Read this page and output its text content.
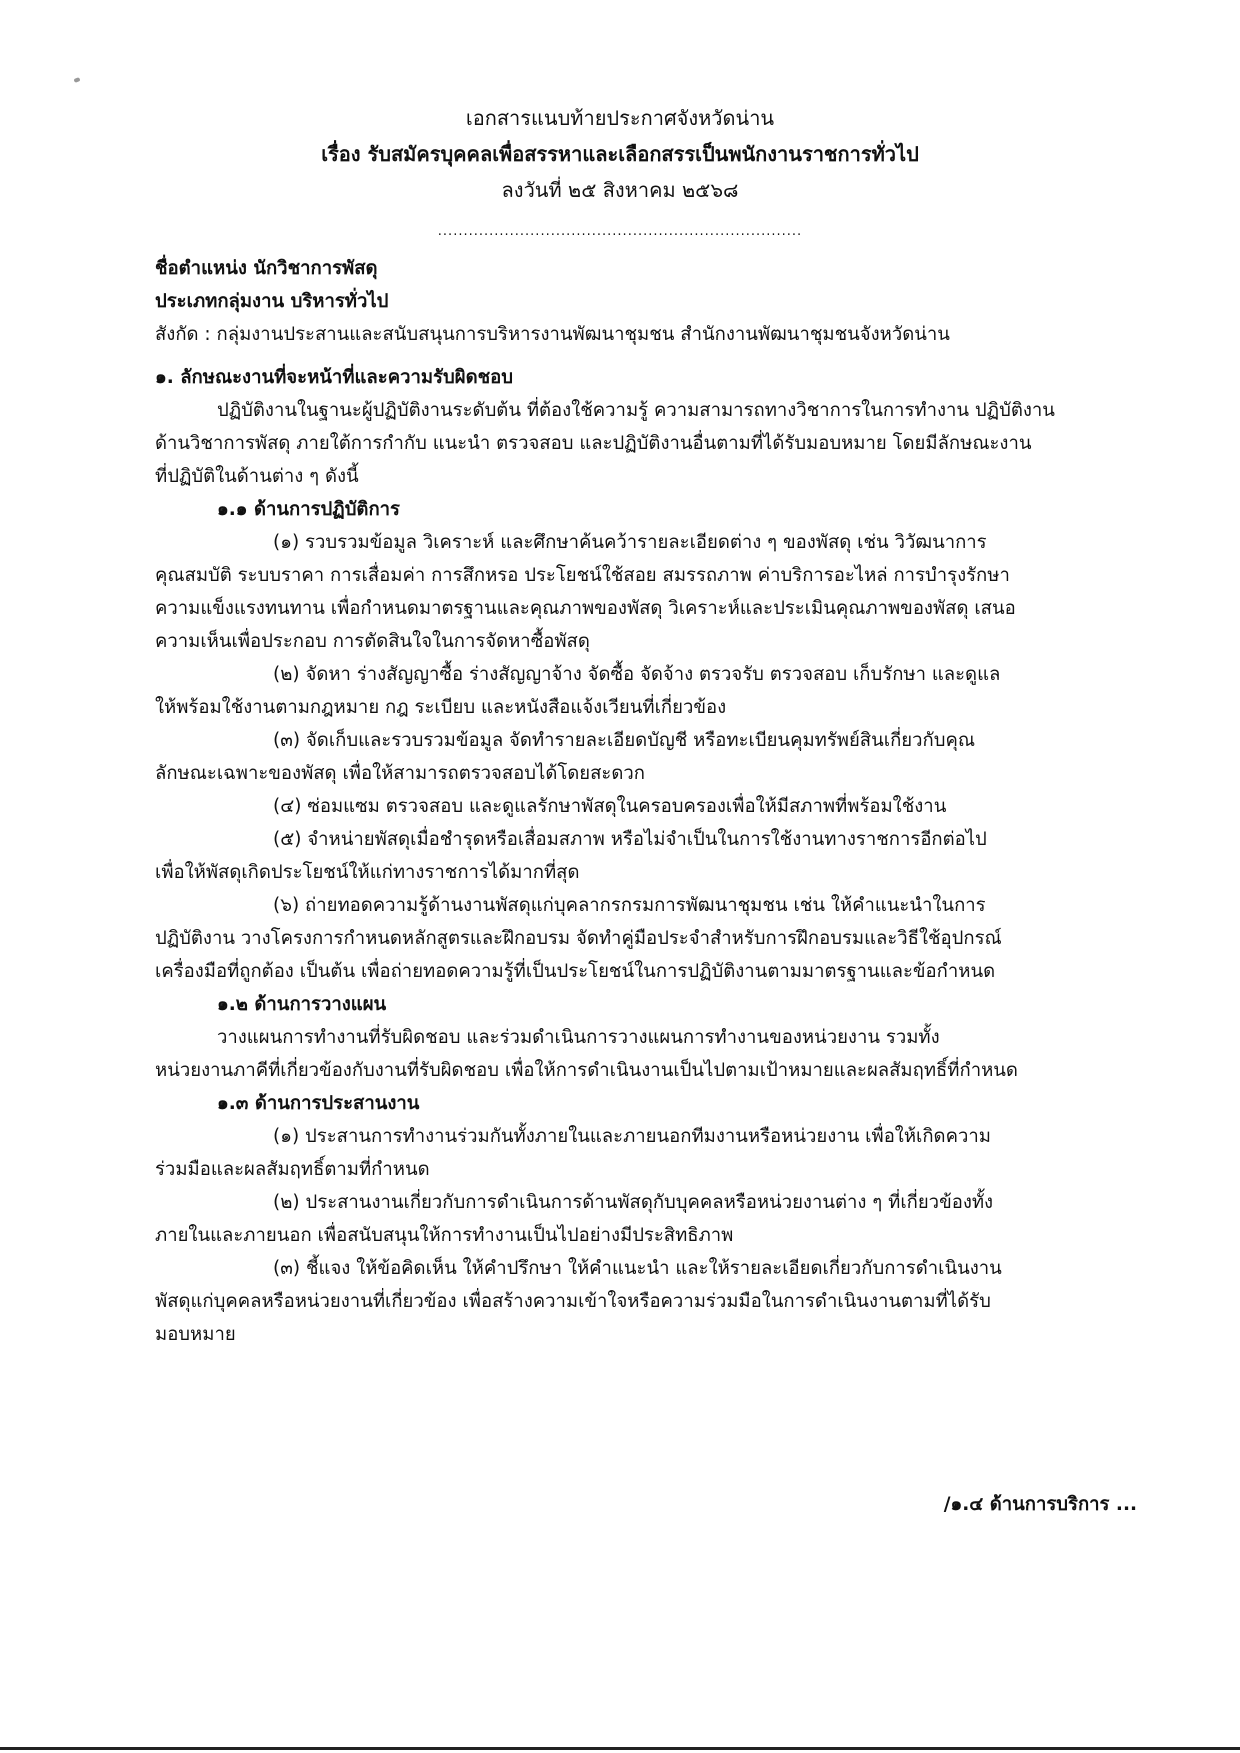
เอกสารแนบท้ายประกาศจังหวัดน่าน
เรื่อง รับสมัครบุคคลเพื่อสรรหาและเลือกสรรเป็นพนักงานราชการทั่วไป
ลงวันที่ ๒๕ สิงหาคม ๒๕๖๘
.......................................................................
ชื่อตำแหน่ง นักวิชาการพัสดุ
ประเภทกลุ่มงาน บริหารทั่วไป
สังกัด : กลุ่มงานประสานและสนับสนุนการบริหารงานพัฒนาชุมชน สำนักงานพัฒนาชุมชนจังหวัดน่าน
๑. ลักษณะงานที่จะหน้าที่และความรับผิดชอบ
ปฏิบัติงานในฐานะผู้ปฏิบัติงานระดับต้น ที่ต้องใช้ความรู้ ความสามารถทางวิชาการในการทำงาน ปฏิบัติงาน
ด้านวิชาการพัสดุ ภายใต้การกำกับ แนะนำ ตรวจสอบ และปฏิบัติงานอื่นตามที่ได้รับมอบหมาย โดยมีลักษณะงาน
ที่ปฏิบัติในด้านต่าง ๆ ดังนี้
๑.๑ ด้านการปฏิบัติการ
(๑) รวบรวมข้อมูล วิเคราะห์ และศึกษาค้นคว้ารายละเอียดต่าง ๆ ของพัสดุ เช่น วิวัฒนาการ
คุณสมบัติ ระบบราคา การเสื่อมค่า การสึกหรอ ประโยชน์ใช้สอย สมรรถภาพ ค่าบริการอะไหล่ การบำรุงรักษา
ความแข็งแรงทนทาน เพื่อกำหนดมาตรฐานและคุณภาพของพัสดุ วิเคราะห์และประเมินคุณภาพของพัสดุ เสนอ
ความเห็นเพื่อประกอบ การตัดสินใจในการจัดหาซื้อพัสดุ
(๒) จัดหา ร่างสัญญาซื้อ ร่างสัญญาจ้าง จัดซื้อ จัดจ้าง ตรวจรับ ตรวจสอบ เก็บรักษา และดูแล
ให้พร้อมใช้งานตามกฎหมาย กฎ ระเบียบ และหนังสือแจ้งเวียนที่เกี่ยวข้อง
(๓) จัดเก็บและรวบรวมข้อมูล จัดทำรายละเอียดบัญชี หรือทะเบียนคุมทรัพย์สินเกี่ยวกับคุณ
ลักษณะเฉพาะของพัสดุ เพื่อให้สามารถตรวจสอบได้โดยสะดวก
(๔) ซ่อมแซม ตรวจสอบ และดูแลรักษาพัสดุในครอบครองเพื่อให้มีสภาพที่พร้อมใช้งาน
(๕) จำหน่ายพัสดุเมื่อชำรุดหรือเสื่อมสภาพ หรือไม่จำเป็นในการใช้งานทางราชการอีกต่อไป
เพื่อให้พัสดุเกิดประโยชน์ให้แก่ทางราชการได้มากที่สุด
(๖) ถ่ายทอดความรู้ด้านงานพัสดุแก่บุคลากรกรมการพัฒนาชุมชน เช่น ให้คำแนะนำในการ
ปฏิบัติงาน วางโครงการกำหนดหลักสูตรและฝึกอบรม จัดทำคู่มือประจำสำหรับการฝึกอบรมและวิธีใช้อุปกรณ์
เครื่องมือที่ถูกต้อง เป็นต้น เพื่อถ่ายทอดความรู้ที่เป็นประโยชน์ในการปฏิบัติงานตามมาตรฐานและข้อกำหนด
๑.๒ ด้านการวางแผน
วางแผนการทำงานที่รับผิดชอบ และร่วมดำเนินการวางแผนการทำงานของหน่วยงาน รวมทั้ง
หน่วยงานภาคีที่เกี่ยวข้องกับงานที่รับผิดชอบ เพื่อให้การดำเนินงานเป็นไปตามเป้าหมายและผลสัมฤทธิ์ที่กำหนด
๑.๓ ด้านการประสานงาน
(๑) ประสานการทำงานร่วมกันทั้งภายในและภายนอกทีมงานหรือหน่วยงาน เพื่อให้เกิดความ
ร่วมมือและผลสัมฤทธิ์ตามที่กำหนด
(๒) ประสานงานเกี่ยวกับการดำเนินการด้านพัสดุกับบุคคลหรือหน่วยงานต่าง ๆ ที่เกี่ยวข้องทั้ง
ภายในและภายนอก เพื่อสนับสนุนให้การทำงานเป็นไปอย่างมีประสิทธิภาพ
(๓) ชี้แจง ให้ข้อคิดเห็น ให้คำปรึกษา ให้คำแนะนำ และให้รายละเอียดเกี่ยวกับการดำเนินงาน
พัสดุแก่บุคคลหรือหน่วยงานที่เกี่ยวข้อง เพื่อสร้างความเข้าใจหรือความร่วมมือในการดำเนินงานตามที่ได้รับ
มอบหมาย
/๑.๔ ด้านการบริการ ...
